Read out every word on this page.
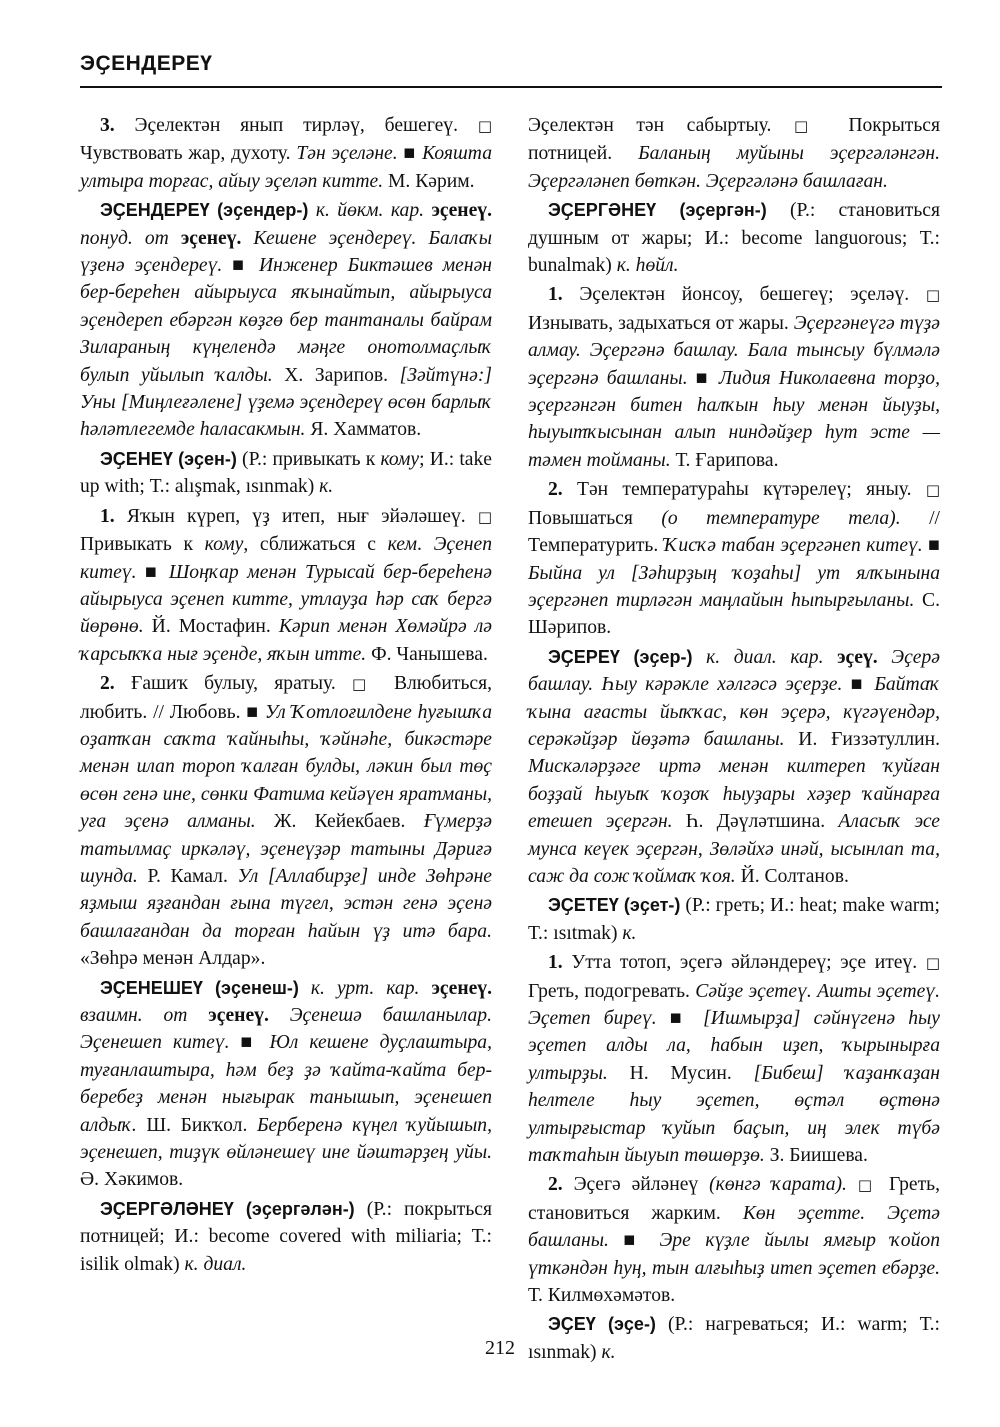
ЭҪЕНДЕРЕҮ

3. Эҫелектән янып тирләү, бешегеү. □ Чувствовать жар, духоту. Тән эҫеләне. ■ Кояшта ултыра торғас, айыу эҫеләп китте. М. Кәрим.

ЭҪЕНДЕРЕҮ (эҫендер-) к. йөкм. кар. эҫенеү. понуд. от эҫенеү. Кешене эҫендереү. Балаҡы үҙенә эҫендереү. ■ Инженер Биктәшев менән бер-береһен айырыуса яҡынайтып, айырыуса эҫендереп ебәргән көҙгө бер тантаналы байрам Зилараның күңелендә мәңге онотолмаҫлыҡ булып уйылып ҡалды. Х. Зарипов. [Зәйтүнә:] Уны [Миңлеғәлене] үҙемә эҫендереү өсөн барлыҡ һәләтлегемде һаласакмын. Я. Хамматов.

ЭҪЕНЕҮ (эҫен-) (Р.: привыкать к кому; И.: take up with; Т.: alışmak, ısınmak) к.

1. Яҡын күреп, үҙ итеп, нығ эйәләшеү. □ Привыкать к кому, сближаться с кем. Эҫенеп китеү. ■ Шоңҡар менән Турысай бер-береһенә айырыуса эҫенеп китте, утлауҙа һәр саҡ бергә йөрөнө. Й. Мостафин. Кәрип менән Хөмәйрә лә ҡарсыҡҡа нығ эҫенде, яҡын итте. Ф. Чанышева.

2. Ғашиҡ булыу, яратыу. □ Влюбиться, любить. // Любовь. ■ Ул Ҡотлоғилдене һуғышҡа оҙатҡан саҡта ҡайныһы, ҡәйнәһе, бикәстәре менән илап тороп ҡалған булды, ләкин был төҫ өсөн генә ине, сөнки Фатима кейәүен яратманы, уға эҫенә алманы. Ж. Кейекбаев. Ғүмерҙә татылмаҫ иркәләү, эҫенеүҙәр татыны Дәриғә шунда. Р. Камал. Ул [Аллабирҙе] инде Зөһрәне яҙмыш яҙғандан ғына түгел, эстән генә эҫенә башлағандан да торған һайын үҙ итә бара. «Зөһрә менән Алдар».

ЭҪЕНЕШЕҮ (эҫенеш-) к. урт. кар. эҫенеү. взаимн. от эҫенеү. Эҫенешә башланылар. Эҫенешеп китеү. ■ Юл кешене дуҫлаштыра, туғанлаштыра, һәм беҙ ҙә ҡайта-ҡайта бер-беребеҙ менән нығырак танышып, эҫенешеп алдыҡ. Ш. Бикҡол. Берберенә күңел ҡуйышып, эҫенешеп, тиҙүк өйләнешеү ине йәштәрҙең уйы. Ә. Хәкимов.

ЭҪЕРГӘЛӘНЕҮ (эҫергәлән-) (Р.: покрыться потницей; И.: become covered with miliaria; Т.: isilik olmak) к. диал.

Эҫелектән тән сабыртыу. □ Покрыться потницей. Баланың муйыны эҫергәләнгән. Эҫергәләнеп бөткән. Эҫергәләнә башлаған.

ЭҪЕРГӘНЕҮ (эҫергән-) (Р.: становиться душным от жары; И.: become languorous; Т.: bunalmak) к. һөйл.

1. Эҫелектән йонсоу, бешегеү; эҫеләү. □ Изнывать, задыхаться от жары. Эҫергәнеүгә түҙә алмау. Эҫергәнә башлау. Бала тынсыу бүлмәлә эҫергәнә башланы. ■ Лидия Николаевна торҙо, эҫергәнгән битен һалҡын һыу менән йыуҙы, һыуытҡысынан алып ниндәйҙер һут эсте — тәмен тойманы. Т. Ғарипова.

2. Тән температураһы күтәрелеү; яныу. □ Повышаться (о температуре тела). // Температурить. Ҡисҡә табан эҫергәнеп китеү. ■ Быйна ул [Зәһирҙың ҡоҙаһы] ут ялҡынына эҫергәнеп тирләгән маңлайын һыпырғыланы. С. Шәрипов.

ЭҪЕРЕҮ (эҫер-) к. диал. кар. эҫеү. Эҫерә башлау. Һыу кәрәкле хәлгәсә эҫерҙе. ■ Байтаҡ ҡына ағасты йыҡҡас, көн эҫерә, күгәүендәр, серәкәйҙәр йөҙәтә башланы. И. Ғиззәтуллин. Мискәләрҙәге иртә менән килтереп ҡуйған боҙҙай һыуыҡ ҡоҙоҡ һыуҙары хәҙер ҡайнарға етешеп эҫергән. Һ. Дәүләтшина. Аласыҡ эсе мунса кеүек эҫергән, Зөләйхә инәй, ысынлап та, саж да сож ҡоймаҡ ҡоя. Й. Солтанов.

ЭҪЕТЕҮ (эҫет-) (Р.: греть; И.: heat; make warm; Т.: ısıtmak) к.

1. Утта тотоп, эҫегә әйләндереү; эҫе итеү. □ Греть, подогревать. Сәйҙе эҫетеү. Ашты эҫетеү. Эҫетеп биреү. ■ [Ишмырҙа] сәйнүгенә һыу эҫетеп алды ла, һабын иҙеп, ҡырынырға ултырҙы. Н. Мусин. [Бибеш] ҡаҙанҡаҙан һелтеле һыу эҫетеп, өҫтәл өҫтөнә ултырғыстар ҡуйып баҫып, иң элек түбә таҡтаһын йыуып төшөрҙө. З. Биишева.

2. Эҫегә әйләнеү (көнгә ҡарата). □ Греть, становиться жарким. Көн эҫетте. Эҫетә башланы. ■ Эре күҙле йылы ямғыр ҡойоп үткәндән һуң, тын алғыһыҙ итеп эҫетеп ебәрҙе. Т. Килмөхәмәтов.

ЭҪЕҮ (эҫе-) (Р.: нагреваться; И.: warm; Т.: ısınmak) к.

212
